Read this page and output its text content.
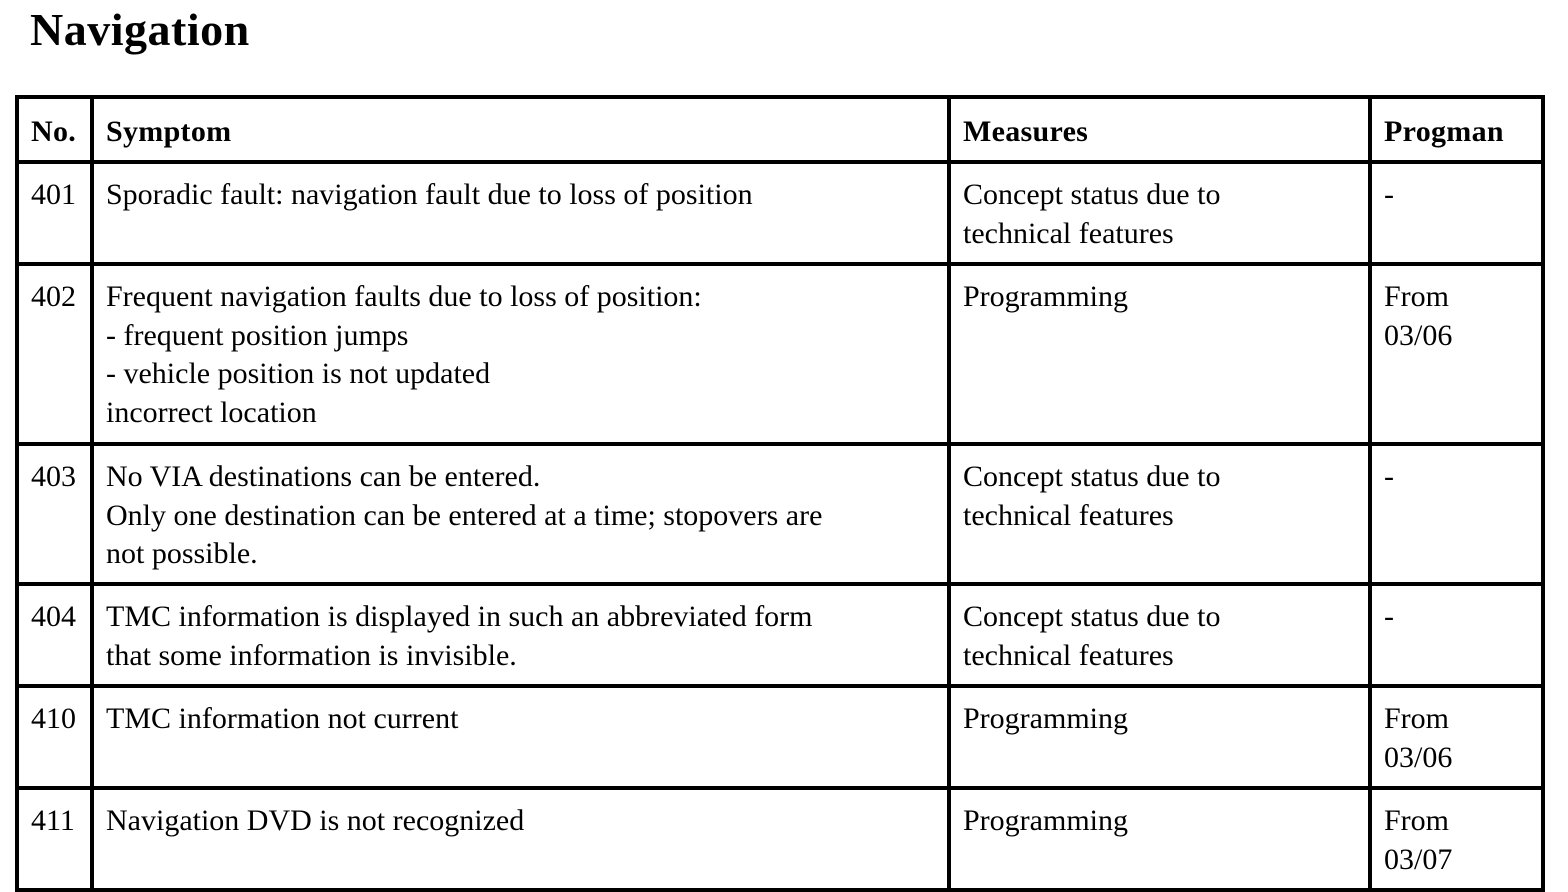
Navigation
No.	Symptom	Measures	Progman
401	Sporadic fault: navigation fault due to loss of position	Concept status due to
technical features	-

402	Frequent navigation faults due to loss of position:
- frequent position jumps
- vehicle position is not updated
incorrect location	Programming	From
03/06

403	No VIA destinations can be entered.
Only one destination can be entered at a time; stopovers are
not possible.	Concept status due to
technical features	-

404	TMC information is displayed in such an abbreviated form
that some information is invisible.	Concept status due to
technical features	-

410	TMC information not current	Programming	From
03/06

411	Navigation DVD is not recognized	Programming	From
03/07
